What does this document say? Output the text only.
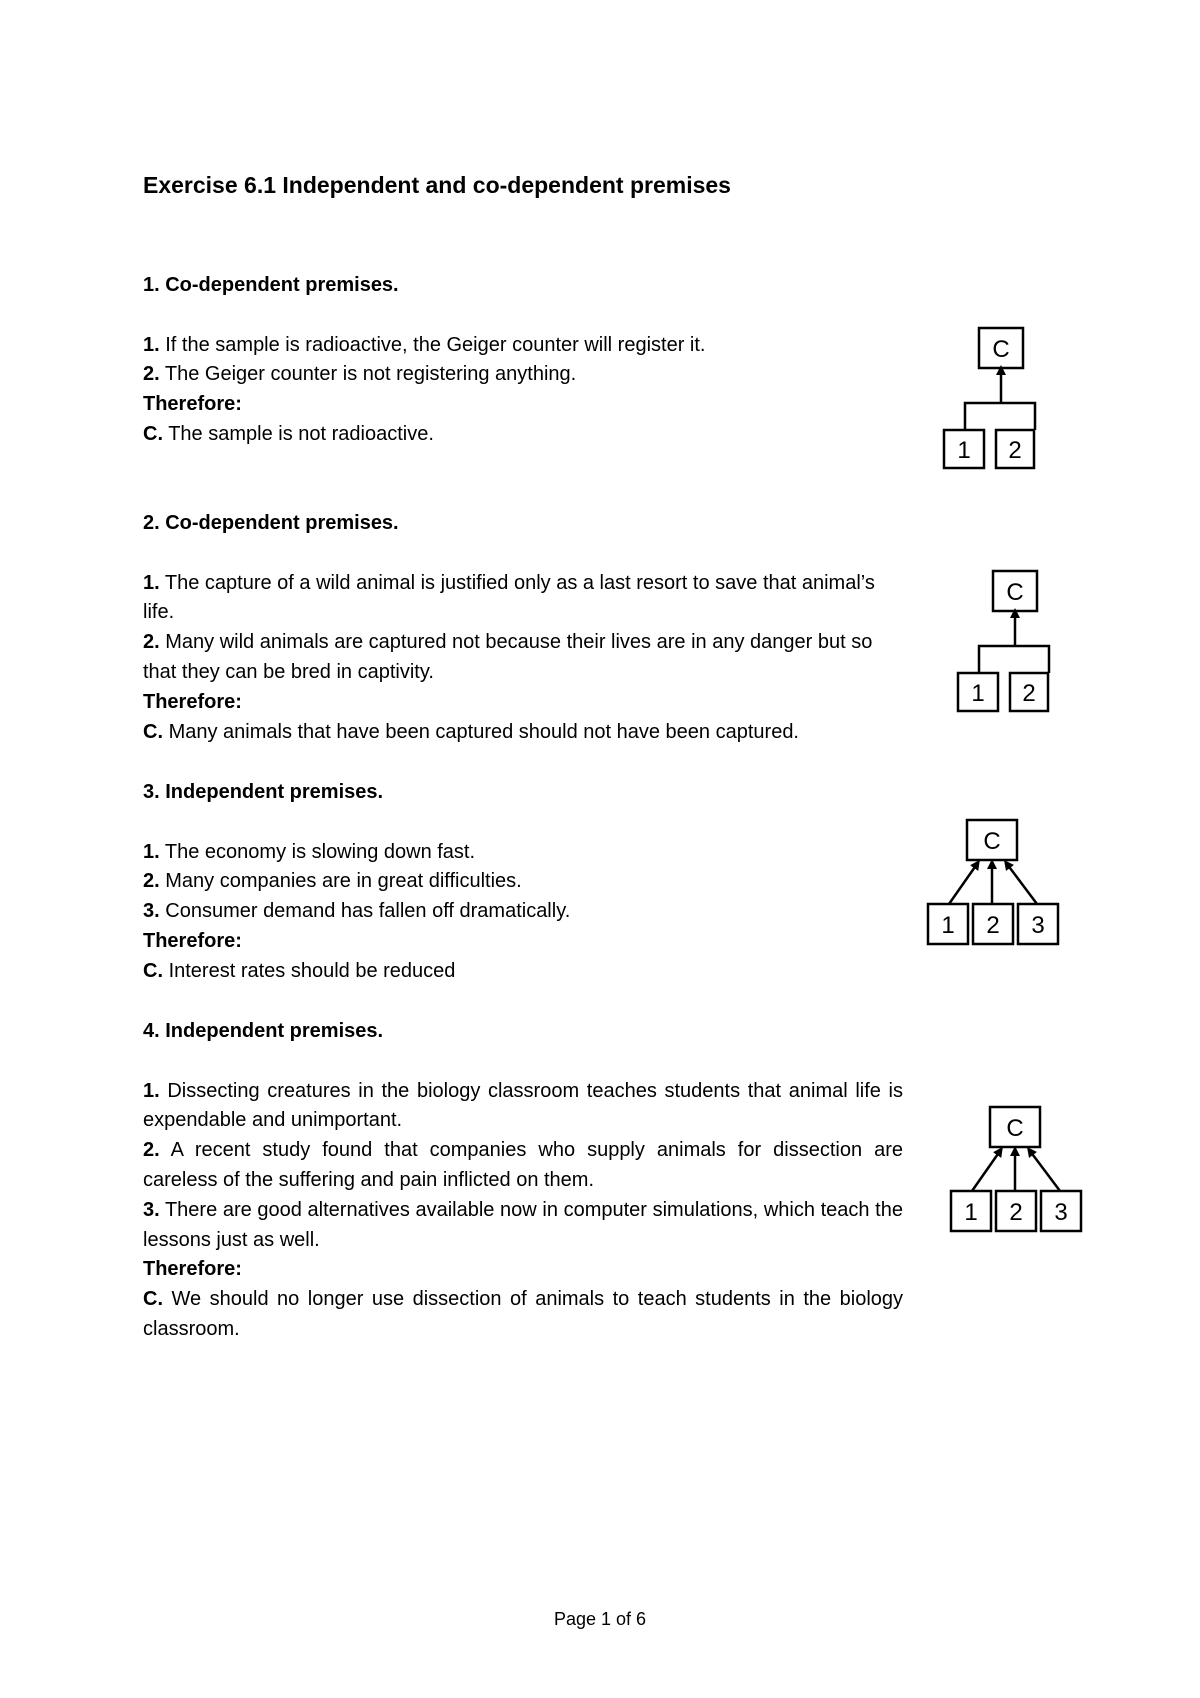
Exercise 6.1 Independent and co-dependent premises
1. Co-dependent premises.
1. If the sample is radioactive, the Geiger counter will register it.
2. The Geiger counter is not registering anything.
Therefore:
C. The sample is not radioactive.
2. Co-dependent premises.
1. The capture of a wild animal is justified only as a last resort to save that animal’s life.
2. Many wild animals are captured not because their lives are in any danger but so that they can be bred in captivity.
Therefore:
C. Many animals that have been captured should not have been captured.
3. Independent premises.
1. The economy is slowing down fast.
2. Many companies are in great difficulties.
3. Consumer demand has fallen off dramatically.
Therefore:
C. Interest rates should be reduced
4. Independent premises.
1. Dissecting creatures in the biology classroom teaches students that animal life is expendable and unimportant.
2. A recent study found that companies who supply animals for dissection are careless of the suffering and pain inflicted on them.
3. There are good alternatives available now in computer simulations, which teach the lessons just as well.
Therefore:
C. We should no longer use dissection of animals to teach students in the biology classroom.
C
1 2
C
1 2
C
1 2 3
C
1 2 3
Page 1 of 6
